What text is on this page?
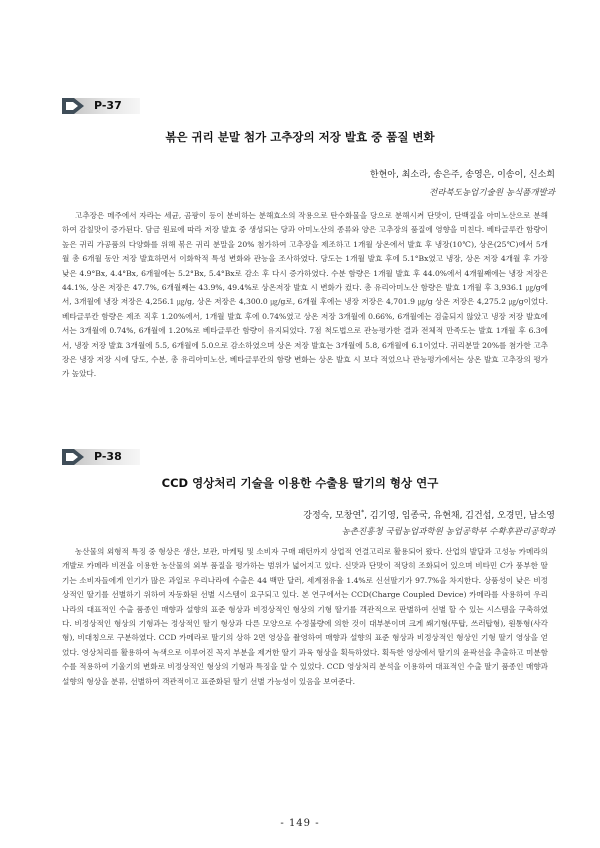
P-37
볶은 귀리 분말 첨가 고추장의 저장 발효 중 품질 변화
한현아, 최소라, 송은주, 송영은, 이송이, 신소희
전라북도농업기술원 농식품개발과

고추장은 메주에서 자라는 세균, 곰팡이 등이 분비하는 분해효소의 작용으로 탄수화물을 당으로 분해시켜 단맛이, 단백질을 아미노산으로 분해하여 감칠맛이 증가된다. 담금 원료에 따라 저장 발효 중 생성되는 당과 아미노산의 종류와 양은 고추장의 품질에 영향을 미친다. 베타글루칸 함량이 높은 귀리 가공품의 다양화를 위해 볶은 귀리 분말을 20% 첨가하여 고추장을 제조하고 1개월 상온에서 발효 후 냉장(10℃), 상온(25℃)에서 5개월 총 6개월 동안 저장 발효하면서 이화학적 특성 변화와 관능을 조사하였다. 당도는 1개월 발효 후에 5.1°Bx였고 냉장, 상온 저장 4개월 후 가장 낮은 4.9°Bx, 4.4°Bx, 6개월에는 5.2°Bx, 5.4°Bx로 감소 후 다시 증가하였다. 수분 함량은 1개월 발효 후 44.0%에서 4개월째에는 냉장 저장은 44.1%, 상온 저장은 47.7%, 6개월째는 43.9%, 49.4%로 상온저장 발효 시 변화가 컸다. 총 유리아미노산 함량은 발효 1개월 후 3,936.1 ㎍/g에서, 3개월에 냉장 저장은 4,256.1 ㎍/g, 상온 저장은 4,300.0 ㎍/g로, 6개월 후에는 냉장 저장은 4,701.9 ㎍/g 상온 저장은 4,275.2 ㎍/g이었다. 베타글루칸 함량은 제조 직후 1.20%에서, 1개월 발효 후에 0.74%였고 상온 저장 3개월에 0.66%, 6개월에는 검출되지 않았고 냉장 저장 발효에서는 3개월에 0.74%, 6개월에 1.20%로 베타글루칸 함량이 유지되었다. 7점 척도법으로 관능평가한 결과 전체적 만족도는 발효 1개월 후 6.3에서, 냉장 저장 발효 3개월에 5.5, 6개월에 5.0으로 감소하였으며 상온 저장 발효는 3개월에 5.8, 6개월에 6.1이었다. 귀리분말 20%를 첨가한 고추장은 냉장 저장 시에 당도, 수분, 총 유리아미노산, 베타글루칸의 함량 변화는 상온 발효 시 보다 적었으나 관능평가에서는 상온 발효 고추장의 평가가 높았다.

P-38
CCD 영상처리 기술을 이용한 수출용 딸기의 형상 연구
강정숙, 모창연*, 김기영, 임종국, 유현채, 김건섭, 오경민, 남소영
농촌진흥청 국립농업과학원 농업공학부 수확후관리공학과

농산물의 외형적 특징 중 형상은 생산, 보관, 마케팅 및 소비자 구매 패턴까지 상업적 연결고리로 활용되어 왔다. 산업의 발달과 고성능 카메라의 개발로 카메라 비전을 이용한 농산물의 외부 품질을 평가하는 범위가 넓어지고 있다. 신맛과 단맛이 적당히 조화되어 있으며 비타민 C가 풍부한 딸기는 소비자들에게 인기가 많은 과일로 우리나라에 수출은 44 백만 달러, 세계점유율 1.4%로 신선딸기가 97.7%을 차지한다. 상품성이 낮은 비정상적인 딸기를 선별하기 위하여 자동화된 선별 시스템이 요구되고 있다. 본 연구에서는 CCD(Charge Coupled Device) 카메라를 사용하여 우리나라의 대표적인 수출 품종인 매향과 설향의 표준 형상과 비정상적인 형상의 기형 딸기를 객관적으로 판별하여 선별 할 수 있는 시스템을 구축하였다. 비정상적인 형상의 기형과는 정상적인 딸기 형상과 다른 모양으로 수정불량에 의한 것이 대부분이며 크게 쐐기형(뚜탑, 쓰러탑형), 원통형(사각형), 비대칭으로 구분하였다. CCD 카메라로 딸기의 상하 2면 영상을 촬영하여 매향과 설향의 표준 형상과 비정상적인 형상인 기형 딸기 영상을 얻었다. 영상처리를 활용하여 녹색으로 이루어진 꼭지 부분을 제거한 딸기 과육 형상을 획득하였다. 획득한 영상에서 딸기의 윤곽선을 추출하고 미분함수를 적용하여 기울기의 변화로 비정상적인 형상의 기형과 특징을 알 수 있었다. CCD 영상처리 분석을 이용하여 대표적인 수출 딸기 품종인 매향과 설향의 형상을 분류, 선별하여 객관적이고 표준화된 딸기 선별 가능성이 있음을 보여준다.

- 149 -
